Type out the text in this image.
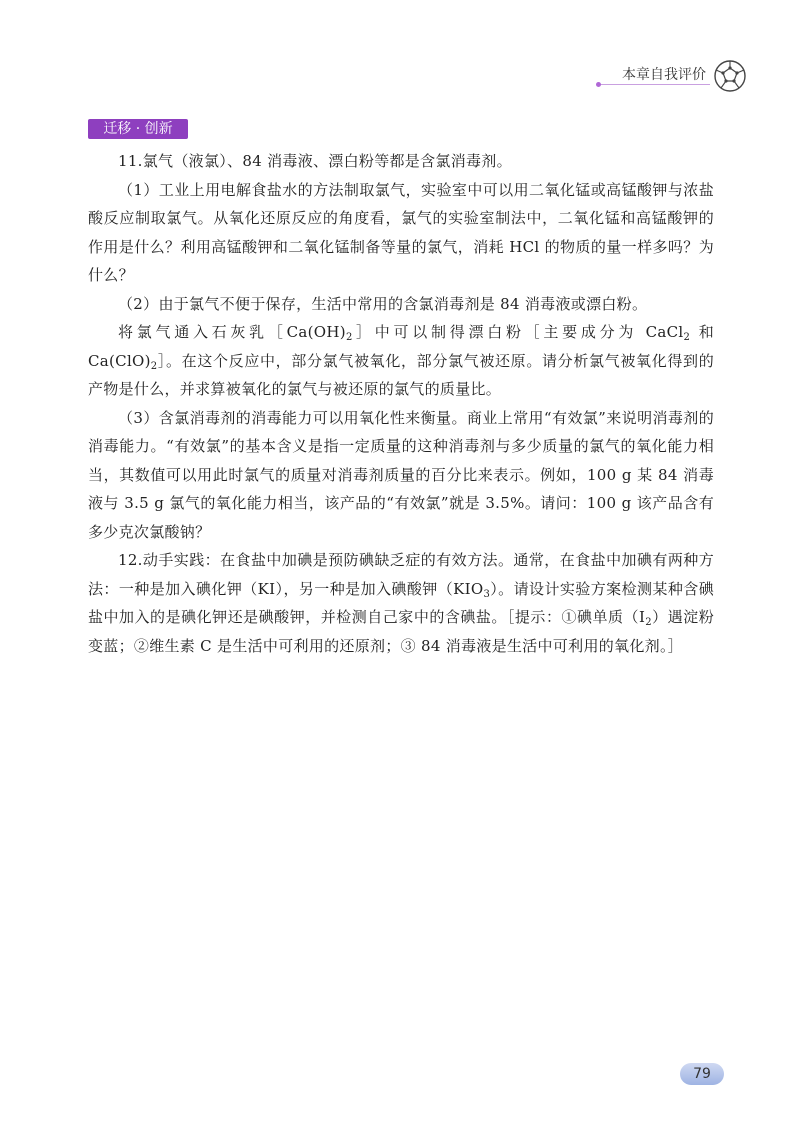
本章自我评价
迁移 · 创新

11.氯气（液氯）、84 消毒液、漂白粉等都是含氯消毒剂。

（1）工业上用电解食盐水的方法制取氯气，实验室中可以用二氧化锰或高锰酸钾与浓盐酸反应制取氯气。从氧化还原反应的角度看，氯气的实验室制法中，二氧化锰和高锰酸钾的作用是什么？利用高锰酸钾和二氧化锰制备等量的氯气，消耗 HCl 的物质的量一样多吗？为什么？

（2）由于氯气不便于保存，生活中常用的含氯消毒剂是 84 消毒液或漂白粉。

将氯气通入石灰乳$[Ca(OH)_2]$中可以制得漂白粉［主要成分为 CaCl$_2$ 和 $Ca(ClO)_2]$。在这个反应中，部分氯气被氧化，部分氯气被还原。请分析氯气被氧化得到的产物是什么，并求算被氧化的氯气与被还原的氯气的质量比。

（3）含氯消毒剂的消毒能力可以用氧化性来衡量。商业上常用“有效氯”来说明消毒剂的消毒能力。“有效氯”的基本含义是指一定质量的这种消毒剂与多少质量的氯气的氧化能力相当，其数值可以用此时氯气的质量对消毒剂质量的百分比来表示。例如，100 g 某 84 消毒液与 3.5 g 氯气的氧化能力相当，该产品的“有效氯”就是 3.5%。请问：100 g 该产品含有多少克次氯酸钠？

12.动手实践：在食盐中加碘是预防碘缺乏症的有效方法。通常，在食盐中加碘有两种方法：一种是加入碘化钾（KI），另一种是加入碘酸钾$(KIO_3)$。请设计实验方案检测某种含碘盐中加入的是碘化钾还是碘酸钾，并检测自己家中的含碘盐。［提示：①碘单质$(I_2)$遇淀粉变蓝；②维生素 C 是生活中可利用的还原剂；③ 84 消毒液是生活中可利用的氧化剂。］

79
